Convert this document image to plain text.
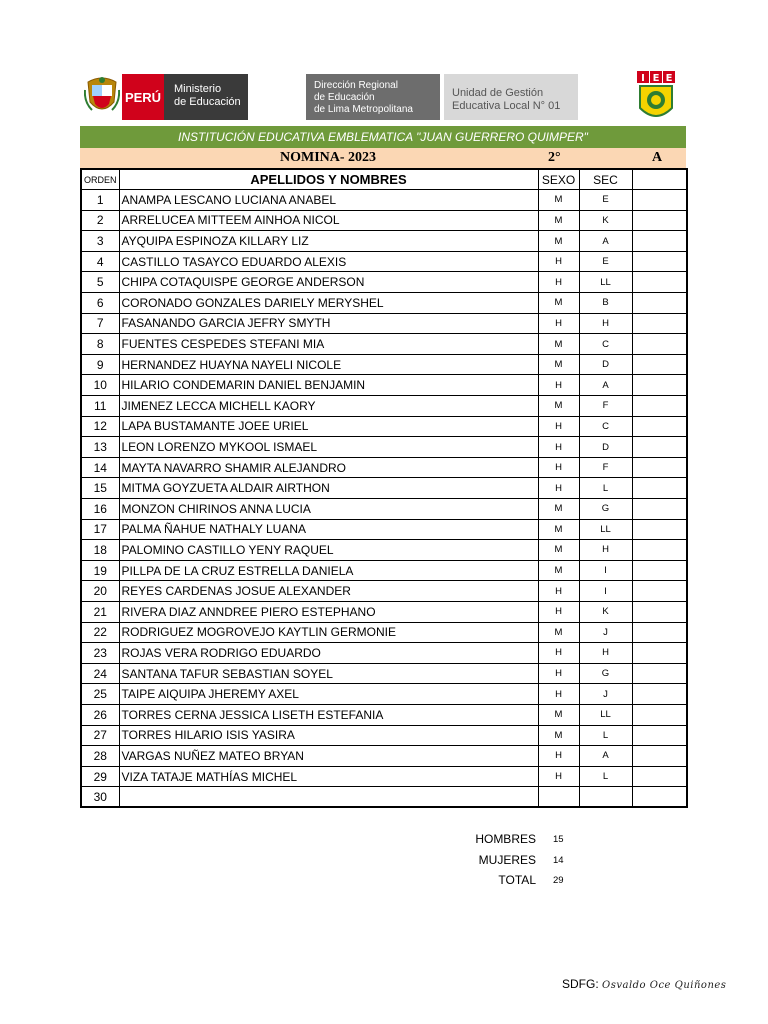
PERÚ
Ministerio
de Educación
Dirección Regional
de Educación
de Lima Metropolitana
Unidad de Gestión
Educativa Local N° 01
I E E
INSTITUCIÓN EDUCATIVA EMBLEMATICA "JUAN GUERRERO QUIMPER"
NOMINA- 2023	2°	A
ORDEN	APELLIDOS Y NOMBRES	SEXO	SEC	
1	ANAMPA LESCANO LUCIANA ANABEL	M	E	
2	ARRELUCEA MITTEEM AINHOA NICOL	M	K	
3	AYQUIPA ESPINOZA KILLARY LIZ	M	A	
4	CASTILLO TASAYCO EDUARDO ALEXIS	H	E	
5	CHIPA COTAQUISPE GEORGE ANDERSON	H	LL	
6	CORONADO GONZALES DARIELY MERYSHEL	M	B	
7	FASANANDO GARCIA JEFRY SMYTH	H	H	
8	FUENTES CESPEDES STEFANI MIA	M	C	
9	HERNANDEZ HUAYNA NAYELI NICOLE	M	D	
10	HILARIO CONDEMARIN DANIEL BENJAMIN	H	A	
11	JIMENEZ LECCA MICHELL KAORY	M	F	
12	LAPA BUSTAMANTE JOEE URIEL	H	C	
13	LEON LORENZO MYKOOL ISMAEL	H	D	
14	MAYTA NAVARRO SHAMIR ALEJANDRO	H	F	
15	MITMA GOYZUETA ALDAIR AIRTHON	H	L	
16	MONZON CHIRINOS ANNA LUCIA	M	G	
17	PALMA ÑAHUE NATHALY LUANA	M	LL	
18	PALOMINO CASTILLO YENY RAQUEL	M	H	
19	PILLPA DE LA CRUZ ESTRELLA DANIELA	M	I	
20	REYES CARDENAS JOSUE ALEXANDER	H	I	
21	RIVERA DIAZ ANNDREE PIERO ESTEPHANO	H	K	
22	RODRIGUEZ MOGROVEJO KAYTLIN GERMONIE	M	J	
23	ROJAS VERA RODRIGO EDUARDO	H	H	
24	SANTANA TAFUR SEBASTIAN SOYEL	H	G	
25	TAIPE AIQUIPA JHEREMY AXEL	H	J	
26	TORRES CERNA JESSICA LISETH ESTEFANIA	M	LL	
27	TORRES HILARIO ISIS YASIRA	M	L	
28	VARGAS NUÑEZ MATEO BRYAN	H	A	
29	VIZA TATAJE MATHÍAS MICHEL	H	L	
30				
HOMBRES 15
MUJERES 14
TOTAL 29
SDFG: Osvaldo Oce Quiñones
